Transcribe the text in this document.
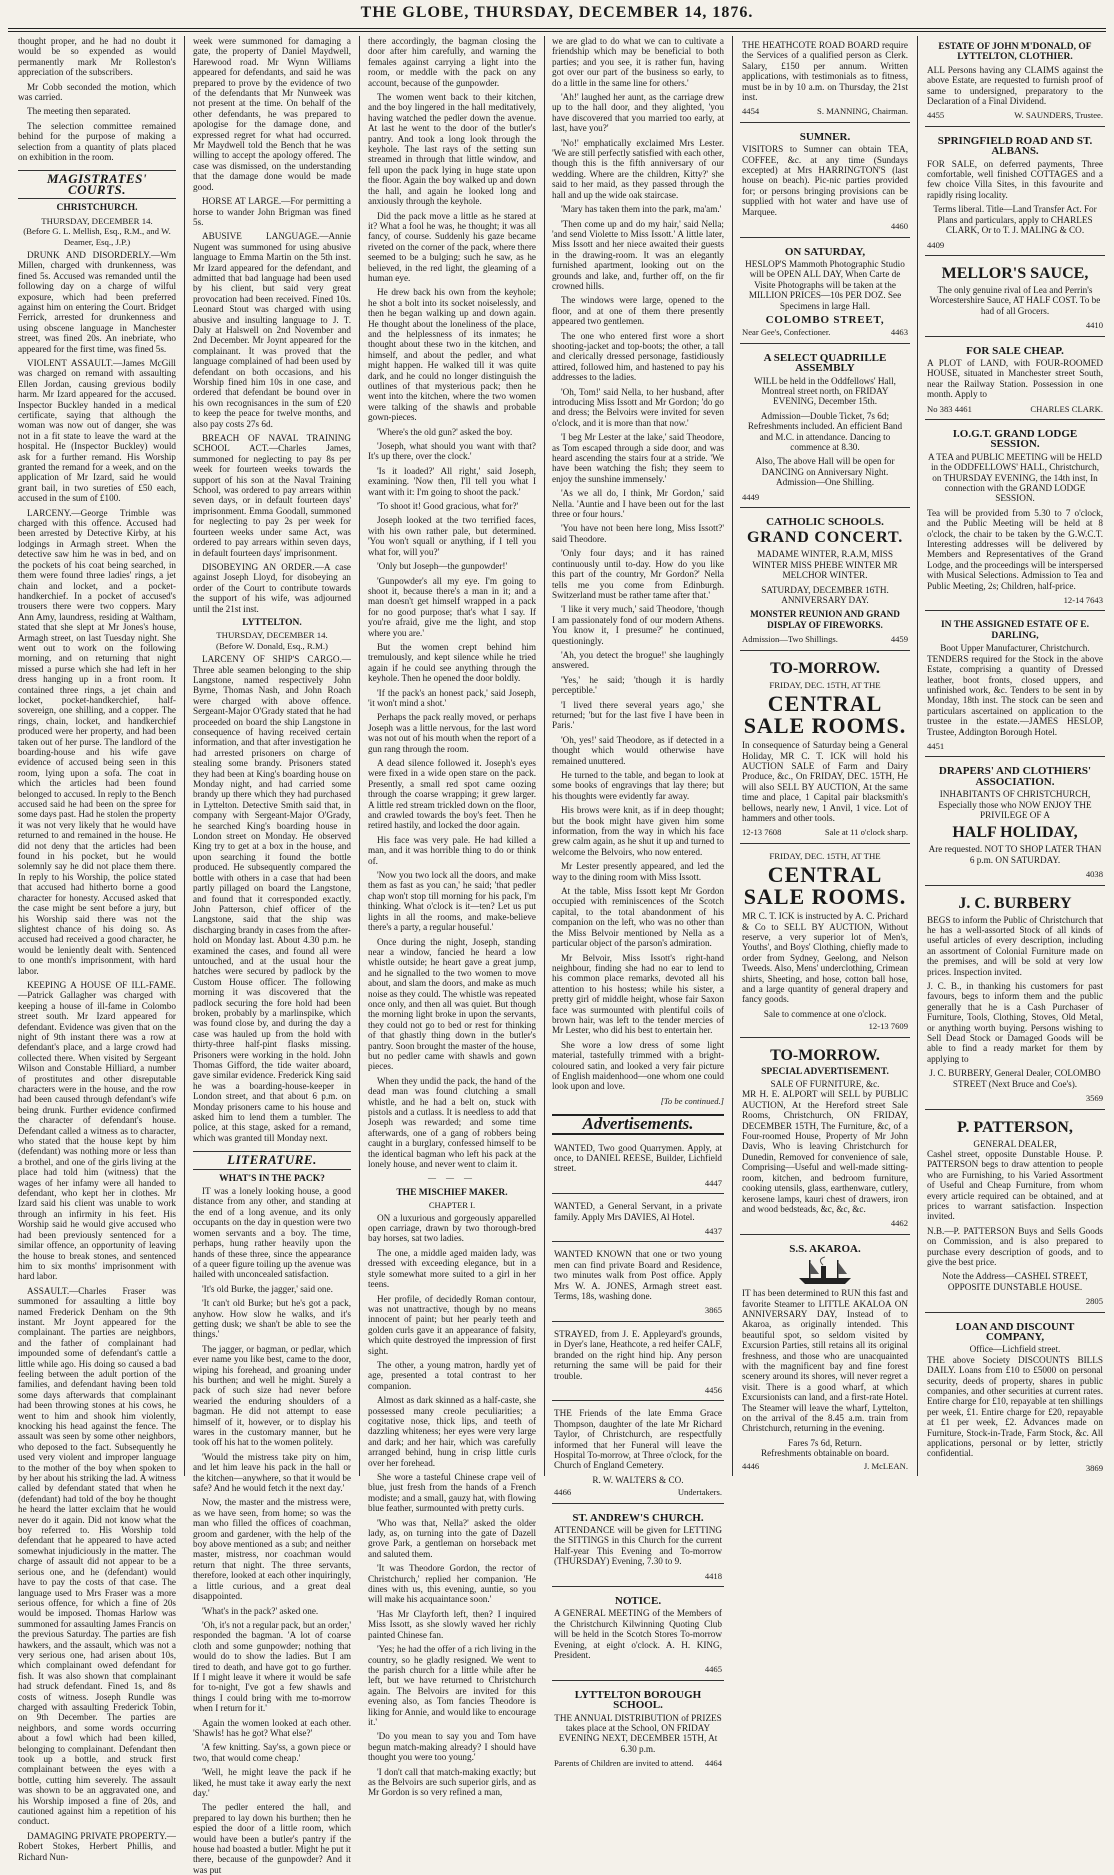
THE GLOBE, THURSDAY, DECEMBER 14, 1876.

thought proper, and he had no doubt it would be so expended as would permanently mark Mr Rolleston's appreciation of the subscribers.

Mr Cobb seconded the motion, which was carried.

The meeting then separated.

The selection committee remained behind for the purpose of making a selection from a quantity of plats placed on exhibition in the room.

MAGISTRATES' COURTS.
CHRISTCHURCH.
THURSDAY, DECEMBER 14.
(Before G. L. Mellish, Esq., R.M., and W. Deamer, Esq., J.P.)

DRUNK AND DISORDERLY.—Wm Millen, charged with drunkenness, was fined 5s. Accused was remanded until the following day on a charge of wilful exposure, which had been preferred against him on entering the Court. Bridget Ferrick, arrested for drunkenness and using obscene language in Manchester street, was fined 20s. An inebriate, who appeared for the first time, was fined 5s.

VIOLENT ASSAULT.—James McGill was charged on remand with assaulting Ellen Jordan, causing grevious bodily harm. Mr Izard appeared for the accused. Inspector Buckley handed in a medical certificate, saying that although the woman was now out of danger, she was not in a fit state to leave the ward at the hospital. He (Inspector Buckley) would ask for a further remand. His Worship granted the remand for a week, and on the application of Mr Izard, said he would grant bail, in two sureties of £50 each, accused in the sum of £100.

LARCENY.—George Trimble was charged with this offence. Accused had been arrested by Detective Kirby, at his lodgings in Armagh street. When the detective saw him he was in bed, and on the pockets of his coat being searched, in them were found three ladies' rings, a jet chain and locket, and a pocket-handkerchief. In a pocket of accused's trousers there were two coppers. Mary Ann Amy, laundress, residing at Waltham, stated that she slept at Mr Jones's house, Armagh street, on last Tuesday night. She went out to work on the following morning, and on returning that night missed a purse which she had left in her dress hanging up in a front room. It contained three rings, a jet chain and locket, pocket-handkerchief, half-sovereign, one shilling, and a copper. The rings, chain, locket, and handkerchief produced were her property, and had been taken out of her purse. The landlord of the boarding-house and his wife gave evidence of accused being seen in this room, lying upon a sofa. The coat in which the articles had been found belonged to accused. In reply to the Bench accused said he had been on the spree for some days past. Had he stolen the property it was not very likely that he would have returned to and remained in the house. He did not deny that the articles had been found in his pocket, but he would solemnly say he did not place them there. In reply to his Worship, the police stated that accused had hitherto borne a good character for honesty. Accused asked that the case might be sent before a jury, but his Worship said there was not the slightest chance of his doing so. As accused had received a good character, he would be leniently dealt with. Sentenced to one month's imprisonment, with hard labor.

KEEPING A HOUSE OF ILL-FAME.—Patrick Gallagher was charged with keeping a house of ill-fame in Colombo street south. Mr Izard appeared for defendant. Evidence was given that on the night of 9th instant there was a row at defendant's place, and a large crowd had collected there. When visited by Sergeant Wilson and Constable Hilliard, a number of prostitutes and other disreputable characters were in the house, and the row had been caused through defendant's wife being drunk. Further evidence confirmed the character of defendant's house. Defendant called a witness as to character, who stated that the house kept by him (defendant) was nothing more or less than a brothel, and one of the girls living at the place had told him (witness) that the wages of her infamy were all handed to defendant, who kept her in clothes. Mr Izard said his client was unable to work through an infirmity in his feet. His Worship said he would give accused who had been previously sentenced for a similar offence, an opportunity of leaving the house to break stones, and sentenced him to six months' imprisonment with hard labor.

ASSAULT.—Charles Fraser was summoned for assaulting a little boy named Frederick Denham on the 9th instant. Mr Joynt appeared for the complainant. The parties are neighbors, and the father of complainant had impounded some of defendant's cattle a little while ago. His doing so caused a bad feeling between the adult portion of the families, and defendant having been told some days afterwards that complainant had been throwing stones at his cows, he went to him and shook him violently, knocking his head against the fence. The assault was seen by some other neighbors, who deposed to the fact. Subsequently he used very violent and improper language to the mother of the boy when spoken to by her about his striking the lad. A witness called by defendant stated that when he (defendant) had told of the boy he thought he heard the latter exclaim that he would never do it again. Did not know what the boy referred to. His Worship told defendant that he appeared to have acted somewhat injudiciously in the matter. The charge of assault did not appear to be a serious one, and he (defendant) would have to pay the costs of that case. The language used to Mrs Fraser was a more serious offence, for which a fine of 20s would be imposed. Thomas Harlow was summoned for assaulting James Francis on the previous Saturday. The parties are fish hawkers, and the assault, which was not a very serious one, had arisen about 10s, which complainant owed defendant for fish. It was also shown that complainant had struck defendant. Fined 1s, and 8s costs of witness. Joseph Rundle was charged with assaulting Frederick Tobin, on 9th December. The parties are neighbors, and some words occurring about a fowl which had been killed, belonging to complainant. Defendant then took up a bottle, and struck first complainant between the eyes with a bottle, cutting him severely. The assault was shown to be an aggravated one, and his Worship imposed a fine of 20s, and cautioned against him a repetition of his conduct.

DAMAGING PRIVATE PROPERTY.—Robert Stokes, Herbert Phillis, and Richard Nun-

week were summoned for damaging a gate, the property of Daniel Maydwell, Harewood road. Mr Wynn Williams appeared for defendants, and said he was prepared to prove by the evidence of two of the defendants that Mr Nunweek was not present at the time. On behalf of the other defendants, he was prepared to apologise for the damage done, and expressed regret for what had occurred. Mr Maydwell told the Bench that he was willing to accept the apology offered. The case was dismissed, on the understanding that the damage done would be made good.

HORSE AT LARGE.—For permitting a horse to wander John Brigman was fined 5s.

ABUSIVE LANGUAGE.—Annie Nugent was summoned for using abusive language to Emma Martin on the 5th inst. Mr Izard appeared for the defendant, and admitted that bad language had been used by his client, but said very great provocation had been received. Fined 10s. Leonard Stout was charged with using abusive and insulting language to J. T. Daly at Halswell on 2nd November and 2nd December. Mr Joynt appeared for the complainant. It was proved that the language complained of had been used by defendant on both occasions, and his Worship fined him 10s in one case, and ordered that defendant be bound over in his own recognisances in the sum of £20 to keep the peace for twelve months, and also pay costs 27s 6d.

BREACH OF NAVAL TRAINING SCHOOL ACT.—Charles James, summoned for neglecting to pay 8s per week for fourteen weeks towards the support of his son at the Naval Training School, was ordered to pay arrears within seven days, or in default fourteen days' imprisonment. Emma Goodall, summoned for neglecting to pay 2s per week for fourteen weeks under same Act, was ordered to pay arrears within seven days, in default fourteen days' imprisonment.

DISOBEYING AN ORDER.—A case against Joseph Lloyd, for disobeying an order of the Court to contribute towards the support of his wife, was adjourned until the 21st inst.

LYTTELTON.
THURSDAY, DECEMBER 14.
(Before W. Donald, Esq., R.M.)

LARCENY OF SHIP'S CARGO.—Three able seamen belonging to the ship Langstone, named respectively John Byrne, Thomas Nash, and John Roach were charged with above offence. Sergeant-Major O'Grady stated that he had proceeded on board the ship Langstone in consequence of having received certain information, and that after investigation he had arrested prisoners on charge of stealing some brandy. Prisoners stated they had been at King's boarding house on Monday night, and had carried some brandy up there which they had purchased in Lyttelton. Detective Smith said that, in company with Sergeant-Major O'Grady, he searched King's boarding house in London street on Monday. He observed King try to get at a box in the house, and upon searching it found the bottle produced. He subsequently compared the bottle with others in a case that had been partly pillaged on board the Langstone, and found that it corresponded exactly. John Patterson, chief officer of the Langstone, said that the ship was discharging brandy in cases from the after-hold on Monday last. About 4.30 p.m. he examined the cases, and found all were untouched, and at the usual hour the hatches were secured by padlock by the Custom House officer. The following morning it was discovered that the padlock securing the fore hold had been broken, probably by a marlinspike, which was found close by, and during the day a case was hauled up from the hold with thirty-three half-pint flasks missing. Prisoners were working in the hold. John Thomas Gifford, the tide waiter aboard, gave similar evidence. Frederick King said he was a boarding-house-keeper in London street, and that about 6 p.m. on Monday prisoners came to his house and asked him to lend them a tumbler. The police, at this stage, asked for a remand, which was granted till Monday next.

LITERATURE.
WHAT'S IN THE PACK?

IT was a lonely looking house, a good distance from any other, and standing at the end of a long avenue, and its only occupants on the day in question were two women servants and a boy. The time, perhaps, hung rather heavily upon the hands of these three, since the appearance of a queer figure toiling up the avenue was hailed with unconcealed satisfaction.

'It's old Burke, the jagger,' said one.

'It can't old Burke; but he's got a pack, anyhow. How slow he walks, and it's getting dusk; we shan't be able to see the things.'

The jagger, or bagman, or pedlar, which ever name you like best, came to the door, wiping his forehead, and groaning under his burthen; and well he might. Surely a pack of such size had never before wearied the enduring shoulders of a bagman. He did not attempt to ease himself of it, however, or to display his wares in the customary manner, but he took off his hat to the women politely.

'Would the mistress take pity on him, and let him leave his pack in the hall or the kitchen—anywhere, so that it would be safe? And he would fetch it the next day.'

Now, the master and the mistress were, as we have seen, from home; so was the man who filled the offices of coachman, groom and gardener, with the help of the boy above mentioned as a sub; and neither master, mistress, nor coachman would return that night. The three servants, therefore, looked at each other inquiringly, a little curious, and a great deal disappointed.

'What's in the pack?' asked one.

'Oh, it's not a regular pack, but an order,' responded the bagman. 'A lot of coarse cloth and some gunpowder; nothing that would do to show the ladies. But I am tired to death, and have got to go further. If I might leave it where it would be safe for to-night, I've got a few shawls and things I could bring with me to-morrow when I return for it.'

Again the women looked at each other. 'Shawls! has he got? What else?'

'A few knitting. Say'ss, a gown piece or two, that would come cheap.'

'Well, he might leave the pack if he liked, he must take it away early the next day.'

The pedler entered the hall, and prepared to lay down his burthen; then he espied the door of a little room, which would have been a butler's pantry if the house had boasted a butler. Might he put it there, because of the gunpowder? And it was put

there accordingly, the bagman closing the door after him carefully, and warning the females against carrying a light into the room, or meddle with the pack on any account, because of the gunpowder.

The women went back to their kitchen, and the boy lingered in the hall meditatively, having watched the pedler down the avenue. At last he went to the door of the butler's pantry. And took a long look through the keyhole. The last rays of the setting sun streamed in through that little window, and fell upon the pack lying in huge state upon the floor. Again the boy walked up and down the hall, and again he looked long and anxiously through the keyhole.

Did the pack move a little as he stared at it? What a fool he was, he thought; it was all fancy, of course. Suddenly his gaze became riveted on the corner of the pack, where there seemed to be a bulging; such he saw, as he believed, in the red light, the gleaming of a human eye.

He drew back his own from the keyhole; he shot a bolt into its socket noiselessly, and then he began walking up and down again. He thought about the loneliness of the place, and the helplessness of its inmates; he thought about these two in the kitchen, and himself, and about the pedler, and what might happen. He walked till it was quite dark, and he could no longer distinguish the outlines of that mysterious pack; then he went into the kitchen, where the two women were talking of the shawls and probable gown-pieces.

'Where's the old gun?' asked the boy.

'Joseph, what should you want with that? It's up there, over the clock.'

'Is it loaded?' All right,' said Joseph, examining. 'Now then, I'll tell you what I want with it: I'm going to shoot the pack.'

'To shoot it! Good gracious, what for?'

Joseph looked at the two terrified faces, with his own rather pale, but determined. 'You won't squall or anything, if I tell you what for, will you?'

'Only but Joseph—the gunpowder!'

'Gunpowder's all my eye. I'm going to shoot it, because there's a man in it; and a man doesn't get himself wrapped in a pack for no good purpose; that's what I say. If you're afraid, give me the light, and stop where you are.'

But the women crept behind him tremulously, and kept silence while he tried again if he could see anything through the keyhole. Then he opened the door boldly.

'If the pack's an honest pack,' said Joseph, 'it won't mind a shot.'

Perhaps the pack really moved, or perhaps Joseph was a little nervous, for the last word was not out of his mouth when the report of a gun rang through the room.

A dead silence followed it. Joseph's eyes were fixed in a wide open stare on the pack. Presently, a small red spot came oozing through the coarse wrapping; it grew larger. A little red stream trickled down on the floor, and crawled towards the boy's feet. Then he retired hastily, and locked the door again.

His face was very pale. He had killed a man, and it was horrible thing to do or think of.

'Now you two lock all the doors, and make them as fast as you can,' he said; 'that pedler chap won't stop till morning for his pack, I'm thinking. What o'clock is it—ten? Let us put lights in all the rooms, and make-believe there's a party, a regular houseful.'

Once during the night, Joseph, standing near a window, fancied he heard a low whistle outside; he heart gave a great jump, and he signalled to the two women to move about, and slam the doors, and make as much noise as they could. The whistle was repeated once only, and then all was quiet. But though the morning light broke in upon the servants, they could not go to bed or rest for thinking of that ghastly thing down in the butler's pantry. Soon brought the master of the house, but no pedler came with shawls and gown pieces.

When they undid the pack, the hand of the dead man was found clutching a small whistle, and he had a belt on, stuck with pistols and a cutlass. It is needless to add that Joseph was rewarded; and some time afterwards, one of a gang of robbers being caught in a burglary, confessed himself to be the identical bagman who left his pack at the lonely house, and never went to claim it.

— — —
THE MISCHIEF MAKER.
CHAPTER I.

ON a luxurious and gorgeously apparelled open carriage, drawn by two thorough-bred bay horses, sat two ladies.

The one, a middle aged maiden lady, was dressed with exceeding elegance, but in a style somewhat more suited to a girl in her teens.

Her profile, of decidedly Roman contour, was not unattractive, though by no means innocent of paint; but her pearly teeth and golden curls gave it an appearance of falsity, which quite destroyed the impression of first sight.

The other, a young matron, hardly yet of age, presented a total contrast to her companion.

Almost as dark skinned as a half-caste, she possessed many creole peculiarities; a cogitative nose, thick lips, and teeth of dazzling whiteness; her eyes were very large and dark; and her hair, which was carefully arranged behind, hung in crisp little curls over her forehead.

She wore a tasteful Chinese crape veil of blue, just fresh from the hands of a French modiste; and a small, gauzy hat, with flowing blue feather, surmounted with pretty curls.

'Who was that, Nella?' asked the older lady, as, on turning into the gate of Dazell grove Park, a gentleman on horseback met and saluted them.

'It was Theodore Gordon, the rector of Christchurch,' replied her companion. 'He dines with us, this evening, auntie, so you will make his acquaintance soon.'

'Has Mr Clayforth left, then? I inquired Miss Issott, as she slowly waved her richly painted Chinese fan.

'Yes; he had the offer of a rich living in the country, so he gladly resigned. We went to the parish church for a little while after he left, but we have returned to Christchurch again. The Belvoirs are invited for this evening also, as Tom fancies Theodore is liking for Annie, and would like to encourage it.'

'Do you mean to say you and Tom have begun match-making already? I should have thought you were too young.'

'I don't call that match-making exactly; but as the Belvoirs are such superior girls, and as Mr Gordon is so very refined a man,

we are glad to do what we can to cultivate a friendship which may be beneficial to both parties; and you see, it is rather fun, having got over our part of the business so early, to do a little in the same line for others.'

'Ah!' laughed her aunt, as the carriage drew up to the hall door, and they alighted, 'you have discovered that you married too early, at last, have you?'

'No!' emphatically exclaimed Mrs Lester. 'We are still perfectly satisfied with each other, though this is the fifth anniversary of our wedding. Where are the children, Kitty?' she said to her maid, as they passed through the hall and up the wide oak staircase.

'Mary has taken them into the park, ma'am.'

'Then come up and do my hair,' said Nella; 'and send Violette to Miss Issott.' A little later, Miss Issott and her niece awaited their guests in the drawing-room. It was an elegantly furnished apartment, looking out on the grounds and lake, and, further off, on the fir crowned hills.

The windows were large, opened to the floor, and at one of them there presently appeared two gentlemen.

The one who entered first wore a short shooting-jacket and top-boots; the other, a tall and clerically dressed personage, fastidiously attired, followed him, and hastened to pay his addresses to the ladies.

'Oh, Tom!' said Nella, to her husband, after introducing Miss Issott and Mr Gordon; 'do go and dress; the Belvoirs were invited for seven o'clock, and it is more than that now.'

'I beg Mr Lester at the lake,' said Theodore, as Tom escaped through a side door, and was heard ascending the stairs four at a stride. 'We have been watching the fish; they seem to enjoy the sunshine immensely.'

'As we all do, I think, Mr Gordon,' said Nella. 'Auntie and I have been out for the last three or four hours.'

'You have not been here long, Miss Issott?' said Theodore.

'Only four days; and it has rained continuously until to-day. How do you like this part of the country, Mr Gordon?' Nella tells me you come from Edinburgh. Switzerland must be rather tame after that.'

'I like it very much,' said Theodore, 'though I am passionately fond of our modern Athens. You know it, I presume?' he continued, questioningly.

'Ah, you detect the brogue!' she laughingly answered.

'Yes,' he said; 'though it is hardly perceptible.'

'I lived there several years ago,' she returned; 'but for the last five I have been in Paris.'

'Oh, yes!' said Theodore, as if detected in a thought which would otherwise have remained unuttered.

He turned to the table, and began to look at some books of engravings that lay there; but his thoughts were evidently far away.

His brows were knit, as if in deep thought; but the book might have given him some information, from the way in which his face grew calm again, as he shut it up and turned to welcome the Belvoirs, who now entered.

Mr Lester presently appeared, and led the way to the dining room with Miss Issott.

At the table, Miss Issott kept Mr Gordon occupied with reminiscences of the Scotch capital, to the total abandonment of his companion on the left, who was no other than the Miss Belvoir mentioned by Nella as a particular object of the parson's admiration.

Mr Belvoir, Miss Issott's right-hand neighbour, finding she had no ear to lend to his common place remarks, devoted all his attention to his hostess; while his sister, a pretty girl of middle height, whose fair Saxon face was surmounted with plentiful coils of brown hair, was left to the tender mercies of Mr Lester, who did his best to entertain her.

She wore a low dress of some light material, tastefully trimmed with a bright-coloured satin, and looked a very fair picture of English maidenhood—one whom one could look upon and love.

[To be continued.]
Advertisements.

WANTED, Two good Quarrymen. Apply, at once, to DANIEL REESE, Builder, Lichfield street.

4447

WANTED, a General Servant, in a private family. Apply Mrs DAVIES, Al Hotel.

4437

WANTED KNOWN that one or two young men can find private Board and Residence, two minutes walk from Post office. Apply Mrs W. A. JONES, Armagh street east. Terms, 18s, washing done.

3865

STRAYED, from J. E. Appleyard's grounds, in Dyer's lane, Heathcote, a red heifer CALF, branded on the right hind hip. Any person returning the same will be paid for their trouble.

4456

THE Friends of the late Emma Grace Thompson, daughter of the late Mr Richard Taylor, of Christchurch, are respectfully informed that her Funeral will leave the Hospital To-morrow, at Three o'clock, for the Church of England Cemetery.

R. W. WALTERS & CO.
4466	Undertakers.
ST. ANDREW'S CHURCH.

ATTENDANCE will be given for LETTING the SITTINGS in this Church for the current Half-year This Evening and To-morrow (THURSDAY) Evening, 7.30 to 9.

4418
NOTICE.

A GENERAL MEETING of the Members of the Christchurch Kilwinning Quoting Club will be held in the Scotch Stores To-morrow Evening, at eight o'clock. A. H. KING, President.

4465
LYTTELTON BOROUGH SCHOOL.

THE ANNUAL DISTRIBUTION of PRIZES takes place at the School, ON FRIDAY EVENING NEXT, DECEMBER 15TH, At 6.30 p.m.

Parents of Children are invited to attend. 4464

THE HEATHCOTE ROAD BOARD require the Services of a qualified person as Clerk. Salary, £150 per annum. Written applications, with testimonials as to fitness, must be in by 10 a.m. on Thursday, the 21st inst.

4454	S. MANNING, Chairman.
SUMNER.

VISITORS to Sumner can obtain TEA, COFFEE, &c. at any time (Sundays excepted) at Mrs HARRINGTON'S (last house on beach). Pic-nic parties provided for; or persons bringing provisions can be supplied with hot water and have use of Marquee.

4460
ON SATURDAY,

HESLOP'S Mammoth Photographic Studio will be OPEN ALL DAY, When Carte de Visite Photographs will be taken at the MILLION PRICES—10s PER DOZ. See Specimens in large Hall.

COLOMBO STREET,
Near Gee's, Confectioner.	4463
A SELECT QUADRILLE ASSEMBLY

WILL be held in the Oddfellows' Hall, Montreal street north, on FRIDAY EVENING, December 15th.

Admission—Double Ticket, 7s 6d; Refreshments included. An efficient Band and M.C. in attendance. Dancing to commence at 8.30.

Also, The above Hall will be open for DANCING on Anniversary Night. Admission—One Shilling.

4449
CATHOLIC SCHOOLS.
GRAND CONCERT.

MADAME WINTER, R.A.M, MISS WINTER MISS PHEBE WINTER MR MELCHOR WINTER.

SATURDAY, DECEMBER 16TH. ANNIVERSARY DAY.

MONSTER REUNION AND GRAND DISPLAY OF FIREWORKS.

Admission—Two Shillings.	4459
TO-MORROW.
FRIDAY, DEC. 15TH, AT THE
CENTRAL SALE ROOMS.

In consequence of Saturday being a General Holiday, MR C. T. ICK will hold his AUCTION SALE of Farm and Dairy Produce, &c., On FRIDAY, DEC. 15TH, He will also SELL BY AUCTION, At the same time and place, 1 Capital pair blacksmith's bellows, nearly new, 1 Anvil, 1 vice. Lot of hammers and other tools.

12-13 7608	Sale at 11 o'clock sharp.
FRIDAY, DEC. 15TH, AT THE
CENTRAL SALE ROOMS.

MR C. T. ICK is instructed by A. C. Prichard & Co to SELL BY AUCTION, Without reserve, a very superior lot of Men's, Youths', and Boys' Clothing, chiefly made to order from Sydney, Geelong, and Nelson Tweeds. Also, Mens' underclothing, Crimean shirts, Sheeting, and hose, cotton ball hose, and a large quantity of general drapery and fancy goods.

Sale to commence at one o'clock.
12-13 7609
TO-MORROW.
SPECIAL ADVERTISEMENT.
SALE OF FURNITURE, &c.

MR H. E. ALPORT will SELL by PUBLIC AUCTION, At the Hereford street Sale Rooms, Christchurch, ON FRIDAY, DECEMBER 15TH, The Furniture, &c, of a Four-roomed House, Property of Mr John Davis, Who is leaving Christchurch for Dunedin, Removed for convenience of sale, Comprising—Useful and well-made sitting-room, kitchen, and bedroom furniture, cooking utensils, glass, earthenware, cutlery, kerosene lamps, kauri chest of drawers, iron and wood bedsteads, &c, &c, &c.

4462
S.S. AKAROA.

IT has been determined to RUN this fast and favorite Steamer to LITTLE AKALOA ON ANNIVERSARY DAY, Instead of to Akaroa, as originally intended. This beautiful spot, so seldom visited by Excursion Parties, still retains all its original freshness, and those who are unacquainted with the magnificent bay and fine forest scenery around its shores, will never regret a visit. There is a good wharf, at which Excursionists can land, and a first-rate Hotel. The Steamer will leave the wharf, Lyttelton, on the arrival of the 8.45 a.m. train from Christchurch, returning in the evening.

Fares 7s 6d, Return.
Refreshments obtainable on board.
4446	J. McLEAN.
ESTATE OF JOHN M'DONALD, OF LYTTELTON, CLOTHIER.

ALL Persons having any CLAIMS against the above Estate, are requested to furnish proof of same to undersigned, preparatory to the Declaration of a Final Dividend.

4455	W. SAUNDERS, Trustee.
SPRINGFIELD ROAD AND ST. ALBANS.

FOR SALE, on deferred payments, Three comfortable, well finished COTTAGES and a few choice Villa Sites, in this favourite and rapidly rising locality.

Terms liberal. Title—Land Transfer Act. For Plans and particulars, apply to CHARLES CLARK, Or to T. J. MALING & CO.

4409
MELLOR'S SAUCE,

The only genuine rival of Lea and Perrin's Worcestershire Sauce, AT HALF COST. To be had of all Grocers.

4410
FOR SALE CHEAP.

A PLOT of LAND, with FOUR-ROOMED HOUSE, situated in Manchester street South, near the Railway Station. Possession in one month. Apply to

No 383 4461	CHARLES CLARK.
I.O.G.T. GRAND LODGE SESSION.

A TEA and PUBLIC MEETING will be HELD in the ODDFELLOWS' HALL, Christchurch, on THURSDAY EVENING, the 14th inst, In connection with the GRAND LODGE SESSION.

Tea will be provided from 5.30 to 7 o'clock, and the Public Meeting will be held at 8 o'clock, the chair to be taken by the G.W.C.T. Interesting addresses will be delivered by Members and Representatives of the Grand Lodge, and the proceedings will be interspersed with Musical Selections. Admission to Tea and Public Meeting, 2s; Children, half-price.

12-14 7643
IN THE ASSIGNED ESTATE OF E. DARLING,
Boot Upper Manufacturer, Christchurch.

TENDERS required for the Stock in the above Estate, comprising a quantity of Dressed leather, boot fronts, closed uppers, and unfinished work, &c. Tenders to be sent in by Monday, 18th inst. The stock can be seen and particulars ascertained on application to the trustee in the estate.—JAMES HESLOP, Trustee, Addington Borough Hotel.

4451
DRAPERS' AND CLOTHIERS' ASSOCIATION.

INHABITANTS OF CHRISTCHURCH, Especially those who NOW ENJOY THE PRIVILEGE OF A

HALF HOLIDAY,

Are requested. NOT TO SHOP LATER THAN 6 p.m. ON SATURDAY.

4038
J. C. BURBERY

BEGS to inform the Public of Christchurch that he has a well-assorted Stock of all kinds of useful articles of every description, including an assortment of Colonial Furniture made on the premises, and will be sold at very low prices. Inspection invited.

J. C. B., in thanking his customers for past favours, begs to inform them and the public generally that he is a Cash Purchaser of Furniture, Tools, Clothing, Stoves, Old Metal, or anything worth buying. Persons wishing to Sell Dead Stock or Damaged Goods will be able to find a ready market for them by applying to

J. C. BURBERY, General Dealer, COLOMBO STREET (Next Bruce and Coe's).

3569
P. PATTERSON,
GENERAL DEALER,

Cashel street, opposite Dunstable House. P. PATTERSON begs to draw attention to people who are Furnishing, to his Varied Assortment of Useful and Cheap Furniture, from whom every article required can be obtained, and at prices to warrant satisfaction. Inspection invited.

N.B.—P. PATTERSON Buys and Sells Goods on Commission, and is also prepared to purchase every description of goods, and to give the best price.

Note the Address—CASHEL STREET, OPPOSITE DUNSTABLE HOUSE.

2805
LOAN AND DISCOUNT COMPANY,
Office—Lichfield street.

THE above Society DISCOUNTS BILLS DAILY. Loans from £10 to £5000 on personal security, deeds of property, shares in public companies, and other securities at current rates. Entire charge for £10, repayable at ten shillings per week, £1. Entire charge for £20, repayable at £1 per week, £2. Advances made on Furniture, Stock-in-Trade, Farm Stock, &c. All applications, personal or by letter, strictly confidential.

3869
